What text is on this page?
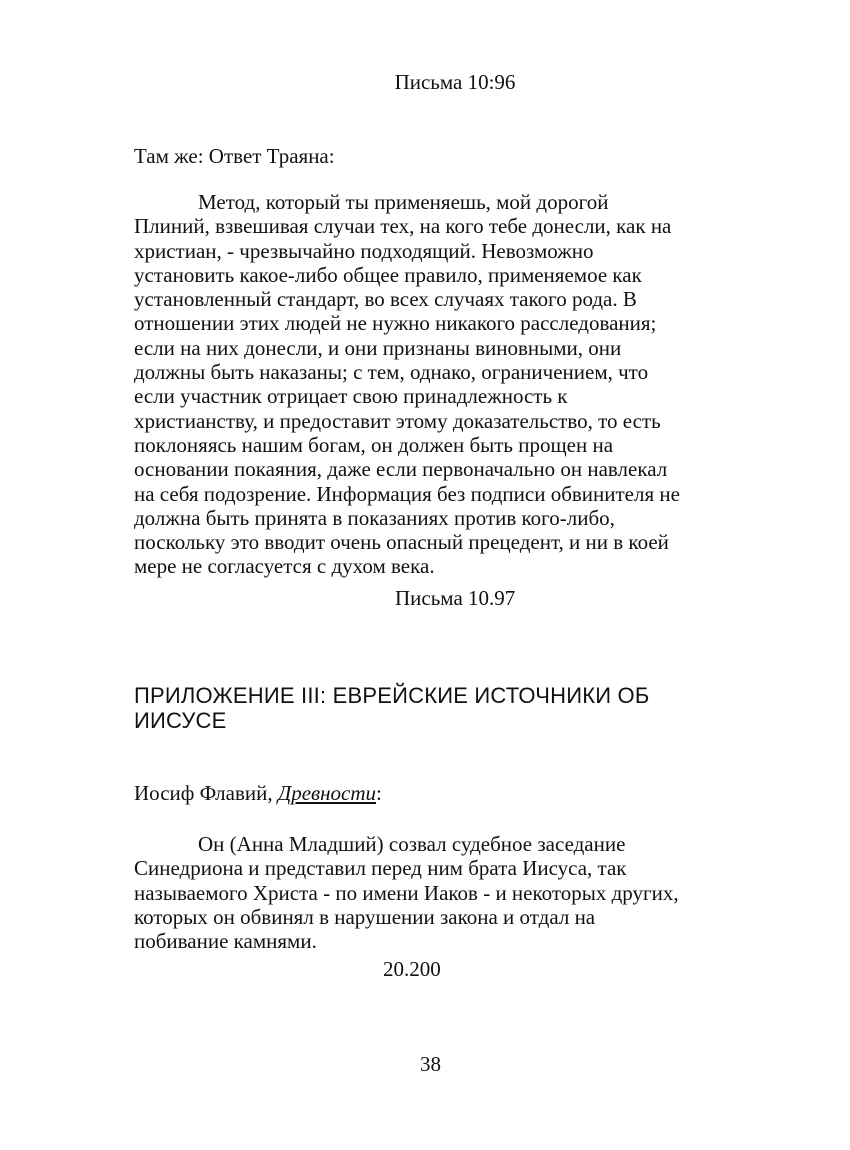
Письма 10:96

Там же: Ответ Траяна:

Метод, который ты применяешь, мой дорогой
Плиний, взвешивая случаи тех, на кого тебе донесли, как на
христиан, - чрезвычайно подходящий. Невозможно
установить какое-либо общее правило, применяемое как
установленный стандарт, во всех случаях такого рода. В
отношении этих людей не нужно никакого расследования;
если на них донесли, и они признаны виновными, они
должны быть наказаны; с тем, однако, ограничением, что
если участник отрицает свою принадлежность к
христианству, и предоставит этому доказательство, то есть
поклоняясь нашим богам, он должен быть прощен на
основании покаяния, даже если первоначально он навлекал
на себя подозрение. Информация без подписи обвинителя не
должна быть принята в показаниях против кого-либо,
поскольку это вводит очень опасный прецедент, и ни в коей
мере не согласуется с духом века.

Письма 10.97

ПРИЛОЖЕНИЕ III: ЕВРЕЙСКИЕ ИСТОЧНИКИ ОБ
ИИСУСЕ

Иосиф Флавий, Древности:

Он (Анна Младший) созвал судебное заседание
Синедриона и представил перед ним брата Иисуса, так
называемого Христа - по имени Иаков - и некоторых других,
которых он обвинял в нарушении закона и отдал на
побивание камнями.

20.200

38
